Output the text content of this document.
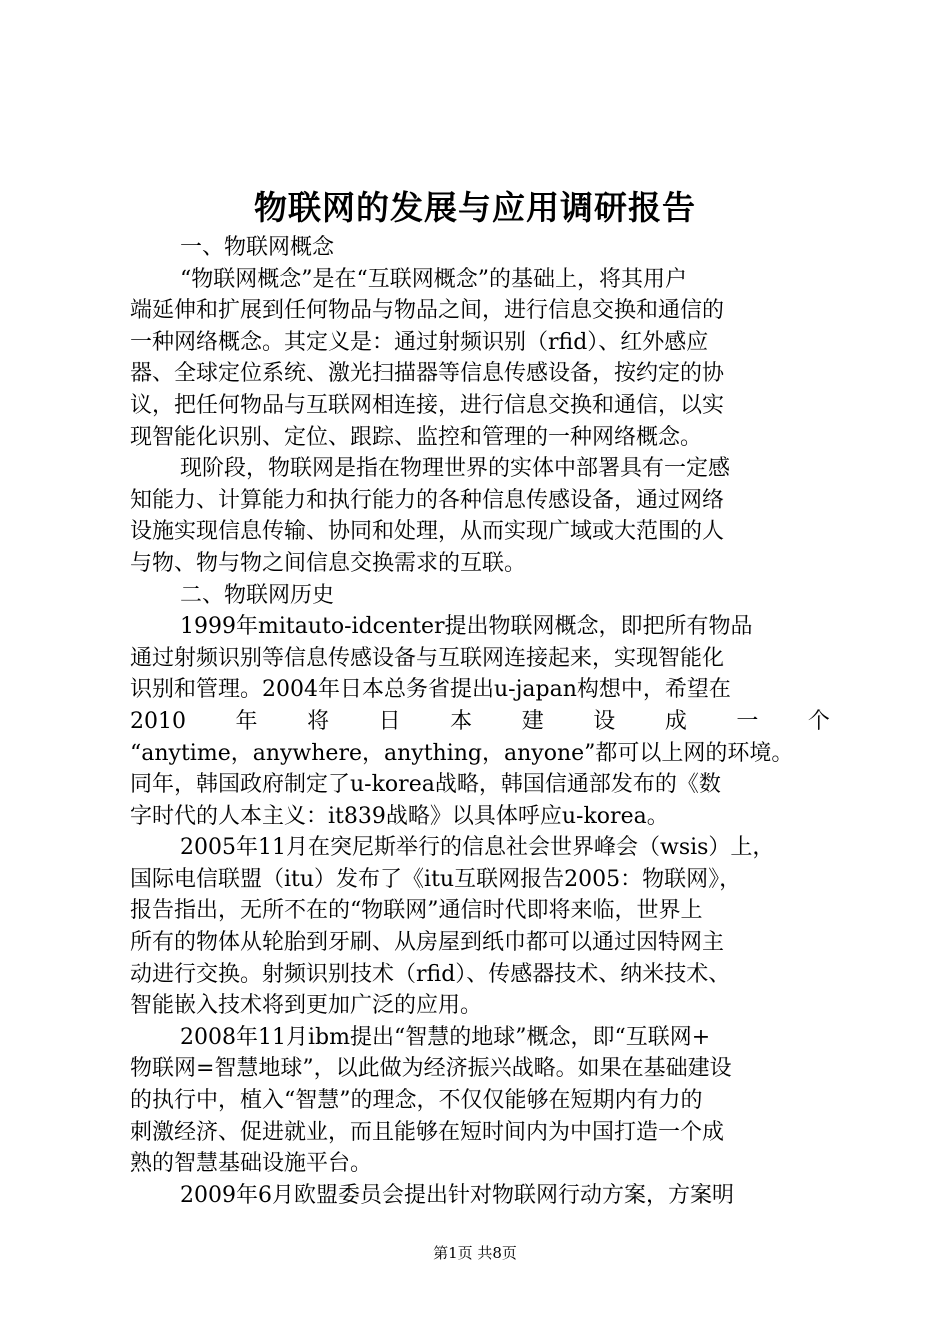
物联网的发展与应用调研报告
一、物联网概念
“物联网概念”是在“互联网概念”的基础上，将其用户
端延伸和扩展到任何物品与物品之间，进行信息交换和通信的
一种网络概念。其定义是：通过射频识别（rfid）、红外感应
器、全球定位系统、激光扫描器等信息传感设备，按约定的协
议，把任何物品与互联网相连接，进行信息交换和通信，以实
现智能化识别、定位、跟踪、监控和管理的一种网络概念。
现阶段，物联网是指在物理世界的实体中部署具有一定感
知能力、计算能力和执行能力的各种信息传感设备，通过网络
设施实现信息传输、协同和处理，从而实现广域或大范围的人
与物、物与物之间信息交换需求的互联。
二、物联网历史
1999年mitauto-idcenter提出物联网概念，即把所有物品
通过射频识别等信息传感设备与互联网连接起来，实现智能化
识别和管理。2004年日本总务省提出u-japan构想中，希望在
2010 年 将 日 本 建 设 成 一 个
“anytime，anywhere，anything，anyone”都可以上网的环境。
同年，韩国政府制定了u-korea战略，韩国信通部发布的《数
字时代的人本主义：it839战略》以具体呼应u-korea。
2005年11月在突尼斯举行的信息社会世界峰会（wsis）上，
国际电信联盟（itu）发布了《itu互联网报告2005：物联网》，
报告指出，无所不在的“物联网”通信时代即将来临，世界上
所有的物体从轮胎到牙刷、从房屋到纸巾都可以通过因特网主
动进行交换。射频识别技术（rfid）、传感器技术、纳米技术、
智能嵌入技术将到更加广泛的应用。
2008年11月ibm提出“智慧的地球”概念，即“互联网+
物联网=智慧地球”，以此做为经济振兴战略。如果在基础建设
的执行中，植入“智慧”的理念，不仅仅能够在短期内有力的
刺激经济、促进就业，而且能够在短时间内为中国打造一个成
熟的智慧基础设施平台。
2009年6月欧盟委员会提出针对物联网行动方案，方案明
第1页 共8页
